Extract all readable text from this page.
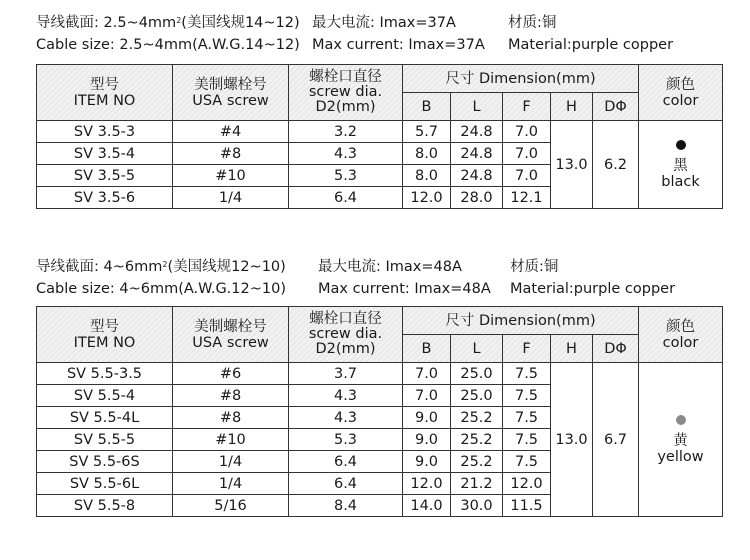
导线截面: $2.5\sim 4mm^2$(美国线规14~12) 最大电流: Imax=37A	材质:铜
Cable size: 2.5~4mm(A.W.G.14~12) Max current: Imax=37A Material:purple copper
型号
ITEM NO	美制螺栓号
USA screw	螺栓口直径
screw dia.
D2(mm)	尺寸 Dimension(mm)					颜色
color

			B	L	F	H	DΦ	
SV 3.5-3	#4	3.2	5.7	24.8	7.0	13.0	6.2	黑
black

SV 3.5-4	#8	4.3	8.0	24.8	7.0			
SV 3.5-5	#10	5.3	8.0	24.8	7.0			
SV 3.5-6	1/4	6.4	12.0	28.0	12.1			
导线截面: $4\sim 6mm^2$(美国线规12~10) 最大电流: Imax=48A	材质:铜
Cable size: 4~6mm(A.W.G.12~10) Max current: Imax=48A Material:purple copper
型号
ITEM NO	美制螺栓号
USA screw	螺栓口直径
screw dia.
D2(mm)	尺寸 Dimension(mm)					颜色
color

			B	L	F	H	DΦ	
SV 5.5-3.5	#6	3.7	7.0	25.0	7.5	13.0	6.7	黄
yellow

SV 5.5-4	#8	4.3	7.0	25.0	7.5			
SV 5.5-4L	#8	4.3	9.0	25.2	7.5			
SV 5.5-5	#10	5.3	9.0	25.2	7.5			
SV 5.5-6S	1/4	6.4	9.0	25.2	7.5			
SV 5.5-6L	1/4	6.4	12.0	21.2	12.0			
SV 5.5-8	5/16	8.4	14.0	30.0	11.5			
